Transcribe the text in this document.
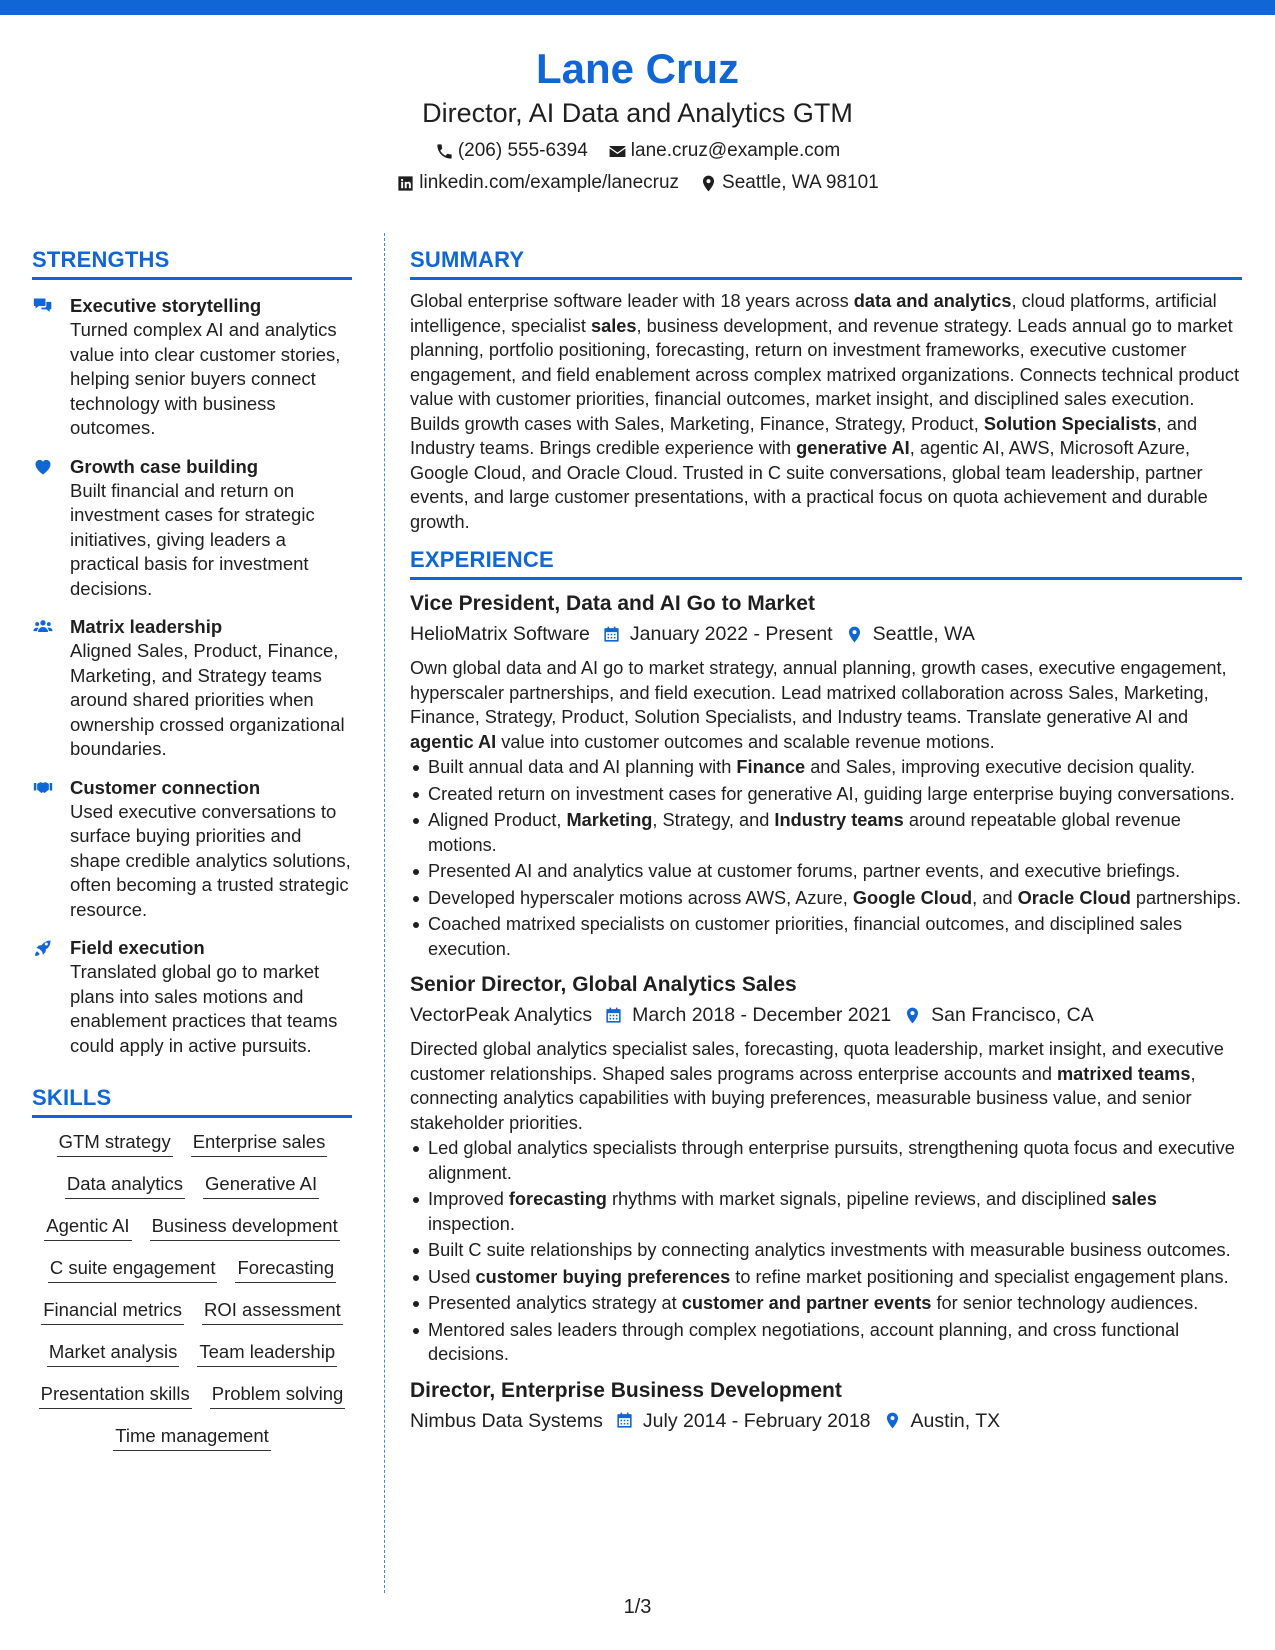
Lane Cruz
Director, AI Data and Analytics GTM
(206) 555-6394 lane.cruz@example.com
linkedin.com/example/lanecruz Seattle, WA 98101
STRENGTHS
Executive storytelling
Turned complex AI and analytics value into clear customer stories, helping senior buyers connect technology with business outcomes.
Growth case building
Built financial and return on investment cases for strategic initiatives, giving leaders a practical basis for investment decisions.
Matrix leadership
Aligned Sales, Product, Finance, Marketing, and Strategy teams around shared priorities when ownership crossed organizational boundaries.
Customer connection
Used executive conversations to surface buying priorities and shape credible analytics solutions, often becoming a trusted strategic resource.
Field execution
Translated global go to market plans into sales motions and enablement practices that teams could apply in active pursuits.
SKILLS
GTM strategy Enterprise sales
Data analytics Generative AI
Agentic AI Business development
C suite engagement Forecasting
Financial metrics ROI assessment
Market analysis Team leadership
Presentation skills Problem solving
Time management
SUMMARY
Global enterprise software leader with 18 years across data and analytics, cloud platforms, artificial intelligence, specialist sales, business development, and revenue strategy. Leads annual go to market planning, portfolio positioning, forecasting, return on investment frameworks, executive customer engagement, and field enablement across complex matrixed organizations. Connects technical product value with customer priorities, financial outcomes, market insight, and disciplined sales execution. Builds growth cases with Sales, Marketing, Finance, Strategy, Product, Solution Specialists, and Industry teams. Brings credible experience with generative AI, agentic AI, AWS, Microsoft Azure, Google Cloud, and Oracle Cloud. Trusted in C suite conversations, global team leadership, partner events, and large customer presentations, with a practical focus on quota achievement and durable growth.
EXPERIENCE
Vice President, Data and AI Go to Market
HelioMatrix Software January 2022 - Present Seattle, WA
Own global data and AI go to market strategy, annual planning, growth cases, executive engagement, hyperscaler partnerships, and field execution. Lead matrixed collaboration across Sales, Marketing, Finance, Strategy, Product, Solution Specialists, and Industry teams. Translate generative AI and agentic AI value into customer outcomes and scalable revenue motions.
Built annual data and AI planning with Finance and Sales, improving executive decision quality.
Created return on investment cases for generative AI, guiding large enterprise buying conversations.
Aligned Product, Marketing, Strategy, and Industry teams around repeatable global revenue motions.
Presented AI and analytics value at customer forums, partner events, and executive briefings.
Developed hyperscaler motions across AWS, Azure, Google Cloud, and Oracle Cloud partnerships.
Coached matrixed specialists on customer priorities, financial outcomes, and disciplined sales execution.
Senior Director, Global Analytics Sales
VectorPeak Analytics March 2018 - December 2021 San Francisco, CA
Directed global analytics specialist sales, forecasting, quota leadership, market insight, and executive customer relationships. Shaped sales programs across enterprise accounts and matrixed teams, connecting analytics capabilities with buying preferences, measurable business value, and senior stakeholder priorities.
Led global analytics specialists through enterprise pursuits, strengthening quota focus and executive alignment.
Improved forecasting rhythms with market signals, pipeline reviews, and disciplined sales inspection.
Built C suite relationships by connecting analytics investments with measurable business outcomes.
Used customer buying preferences to refine market positioning and specialist engagement plans.
Presented analytics strategy at customer and partner events for senior technology audiences.
Mentored sales leaders through complex negotiations, account planning, and cross functional decisions.
Director, Enterprise Business Development
Nimbus Data Systems July 2014 - February 2018 Austin, TX
1/3
